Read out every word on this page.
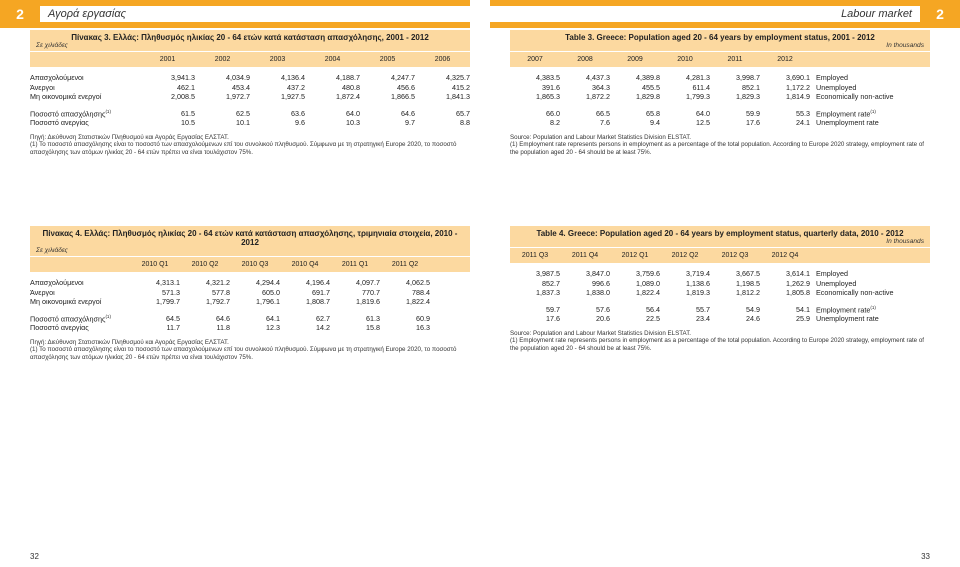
2	Αγορά εργασίας	Labour market	2
Πίνακας 3. Ελλάς: Πληθυσμός ηλικίας 20 - 64 ετών κατά κατάσταση απασχόλησης, 2001 - 2012
Σε χιλιάδες
2001	2002	2003	2004	2005	2006
Απασχολούμενοι	3,941.3	4,034.9	4,136.4	4,188.7	4,247.7	4,325.7
Άνεργοι	462.1	453.4	437.2	480.8	456.6	415.2
Μη οικονομικά ενεργοί	2,008.5	1,972.7	1,927.5	1,872.4	1,866.5	1,841.3
Ποσοστό απασχόλησης$^{(1)}$	61.5	62.5	63.6	64.0	64.6	65.7
Ποσοστό ανεργίας	10.5	10.1	9.6	10.3	9.7	8.8
Πηγή: Διεύθυνση Στατιστικών Πληθυσμού και Αγοράς Εργασίας ΕΛΣΤΑΤ.
(1) Το ποσοστό απασχόλησης είναι το ποσοστό των απασχολούμενων επί του συνολικού πληθυσμού. Σύμφωνα με τη στρατηγική Europe 2020, το ποσοστό απασχόλησης των ατόμων ηλικίας 20 - 64 ετών πρέπει να είναι τουλάχιστον 75%.
Table 3. Greece: Population aged 20 - 64 years by employment status, 2001 - 2012
In thousands
2007	2008	2009	2010	2011	2012
4,383.5	4,437.3	4,389.8	4,281.3	3,998.7	3,690.1 Employed
391.6	364.3	455.5	611.4	852.1	1,172.2 Unemployed
1,865.3	1,872.2	1,829.8	1,799.3	1,829.3	1,814.9 Economically non-active
66.0	66.5	65.8	64.0	59.9	55.3 Employment rate$^{(1)}$
8.2	7.6	9.4	12.5	17.6	24.1 Unemployment rate
Source: Population and Labour Market Statistics Division ELSTAT.
(1) Employment rate represents persons in employment as a percentage of the total population. According to Europe 2020 strategy, employment rate of the population aged 20 - 64 should be at least 75%.
Πίνακας 4. Ελλάς: Πληθυσμός ηλικίας 20 - 64 ετών κατά κατάσταση απασχόλησης, τριμηνιαία στοιχεία, 2010 - 2012
Σε χιλιάδες
2010 Q1	2010 Q2	2010 Q3	2010 Q4	2011 Q1	2011 Q2
Απασχολούμενοι	4,313.1	4,321.2	4,294.4	4,196.4	4,097.7	4,062.5
Άνεργοι	571.3	577.8	605.0	691.7	770.7	788.4
Μη οικονομικά ενεργοί	1,799.7	1,792.7	1,796.1	1,808.7	1,819.6	1,822.4
Ποσοστό απασχόλησης$^{(1)}$	64.5	64.6	64.1	62.7	61.3	60.9
Ποσοστό ανεργίας	11.7	11.8	12.3	14.2	15.8	16.3
Πηγή: Διεύθυνση Στατιστικών Πληθυσμού και Αγοράς Εργασίας ΕΛΣΤΑΤ.
(1) Το ποσοστό απασχόλησης είναι το ποσοστό των απασχολούμενων επί του συνολικού πληθυσμού. Σύμφωνα με τη στρατηγική Europe 2020, το ποσοστό απασχόλησης των ατόμων ηλικίας 20 - 64 ετών πρέπει να είναι τουλάχιστον 75%.
Table 4. Greece: Population aged 20 - 64 years by employment status, quarterly data, 2010 - 2012
In thousands
2011 Q3	2011 Q4	2012 Q1	2012 Q2	2012 Q3	2012 Q4
3,987.5	3,847.0	3,759.6	3,719.4	3,667.5	3,614.1 Employed
852.7	996.6	1,089.0	1,138.6	1,198.5	1,262.9 Unemployed
1,837.3	1,838.0	1,822.4	1,819.3	1,812.2	1,805.8 Economically non-active
59.7	57.6	56.4	55.7	54.9	54.1 Employment rate$^{(1)}$
17.6	20.6	22.5	23.4	24.6	25.9 Unemployment rate
Source: Population and Labour Market Statistics Division ELSTAT.
(1) Employment rate represents persons in employment as a percentage of the total population. According to Europe 2020 strategy, employment rate of the population aged 20 - 64 should be at least 75%.
32	33
